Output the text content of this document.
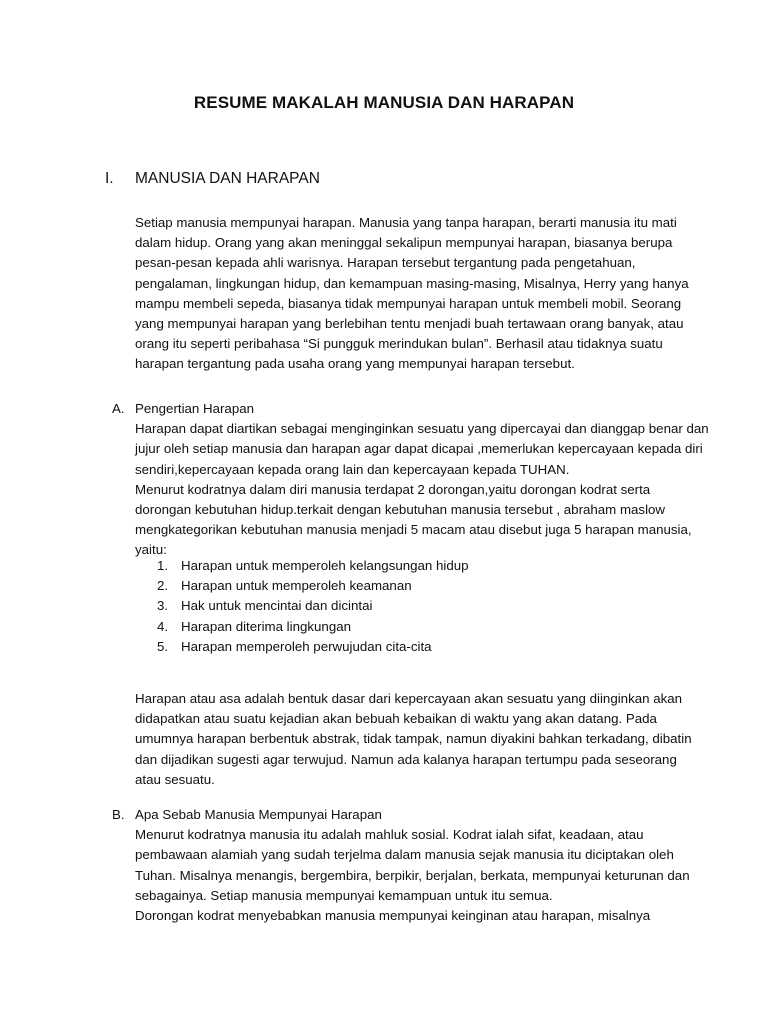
RESUME MAKALAH MANUSIA DAN HARAPAN
I. MANUSIA DAN HARAPAN
Setiap manusia mempunyai harapan. Manusia yang tanpa harapan, berarti manusia itu mati
dalam hidup. Orang yang akan meninggal sekalipun mempunyai harapan, biasanya berupa
pesan-pesan kepada ahli warisnya. Harapan tersebut tergantung pada pengetahuan,
pengalaman, lingkungan hidup, dan kemampuan masing-masing, Misalnya, Herry yang hanya
mampu membeli sepeda, biasanya tidak mempunyai harapan untuk membeli mobil. Seorang
yang mempunyai harapan yang berlebihan tentu menjadi buah tertawaan orang banyak, atau
orang itu seperti peribahasa “Si pungguk merindukan bulan”. Berhasil atau tidaknya suatu
harapan tergantung pada usaha orang yang mempunyai harapan tersebut.
A. Pengertian Harapan
Harapan dapat diartikan sebagai menginginkan sesuatu yang dipercayai dan dianggap benar dan
jujur oleh setiap manusia dan harapan agar dapat dicapai ,memerlukan kepercayaan kepada diri
sendiri,kepercayaan kepada orang lain dan kepercayaan kepada TUHAN.
Menurut kodratnya dalam diri manusia terdapat 2 dorongan,yaitu dorongan kodrat serta
dorongan kebutuhan hidup.terkait dengan kebutuhan manusia tersebut , abraham maslow
mengkategorikan kebutuhan manusia menjadi 5 macam atau disebut juga 5 harapan manusia,
yaitu:
1. Harapan untuk memperoleh kelangsungan hidup
2. Harapan untuk memperoleh keamanan
3. Hak untuk mencintai dan dicintai
4. Harapan diterima lingkungan
5. Harapan memperoleh perwujudan cita-cita
Harapan atau asa adalah bentuk dasar dari kepercayaan akan sesuatu yang diinginkan akan
didapatkan atau suatu kejadian akan bebuah kebaikan di waktu yang akan datang. Pada
umumnya harapan berbentuk abstrak, tidak tampak, namun diyakini bahkan terkadang, dibatin
dan dijadikan sugesti agar terwujud. Namun ada kalanya harapan tertumpu pada seseorang
atau sesuatu.
B. Apa Sebab Manusia Mempunyai Harapan
Menurut kodratnya manusia itu adalah mahluk sosial. Kodrat ialah sifat, keadaan, atau
pembawaan alamiah yang sudah terjelma dalam manusia sejak manusia itu diciptakan oleh
Tuhan. Misalnya menangis, bergembira, berpikir, berjalan, berkata, mempunyai keturunan dan
sebagainya. Setiap manusia mempunyai kemampuan untuk itu semua.
Dorongan kodrat menyebabkan manusia mempunyai keinginan atau harapan, misalnya
